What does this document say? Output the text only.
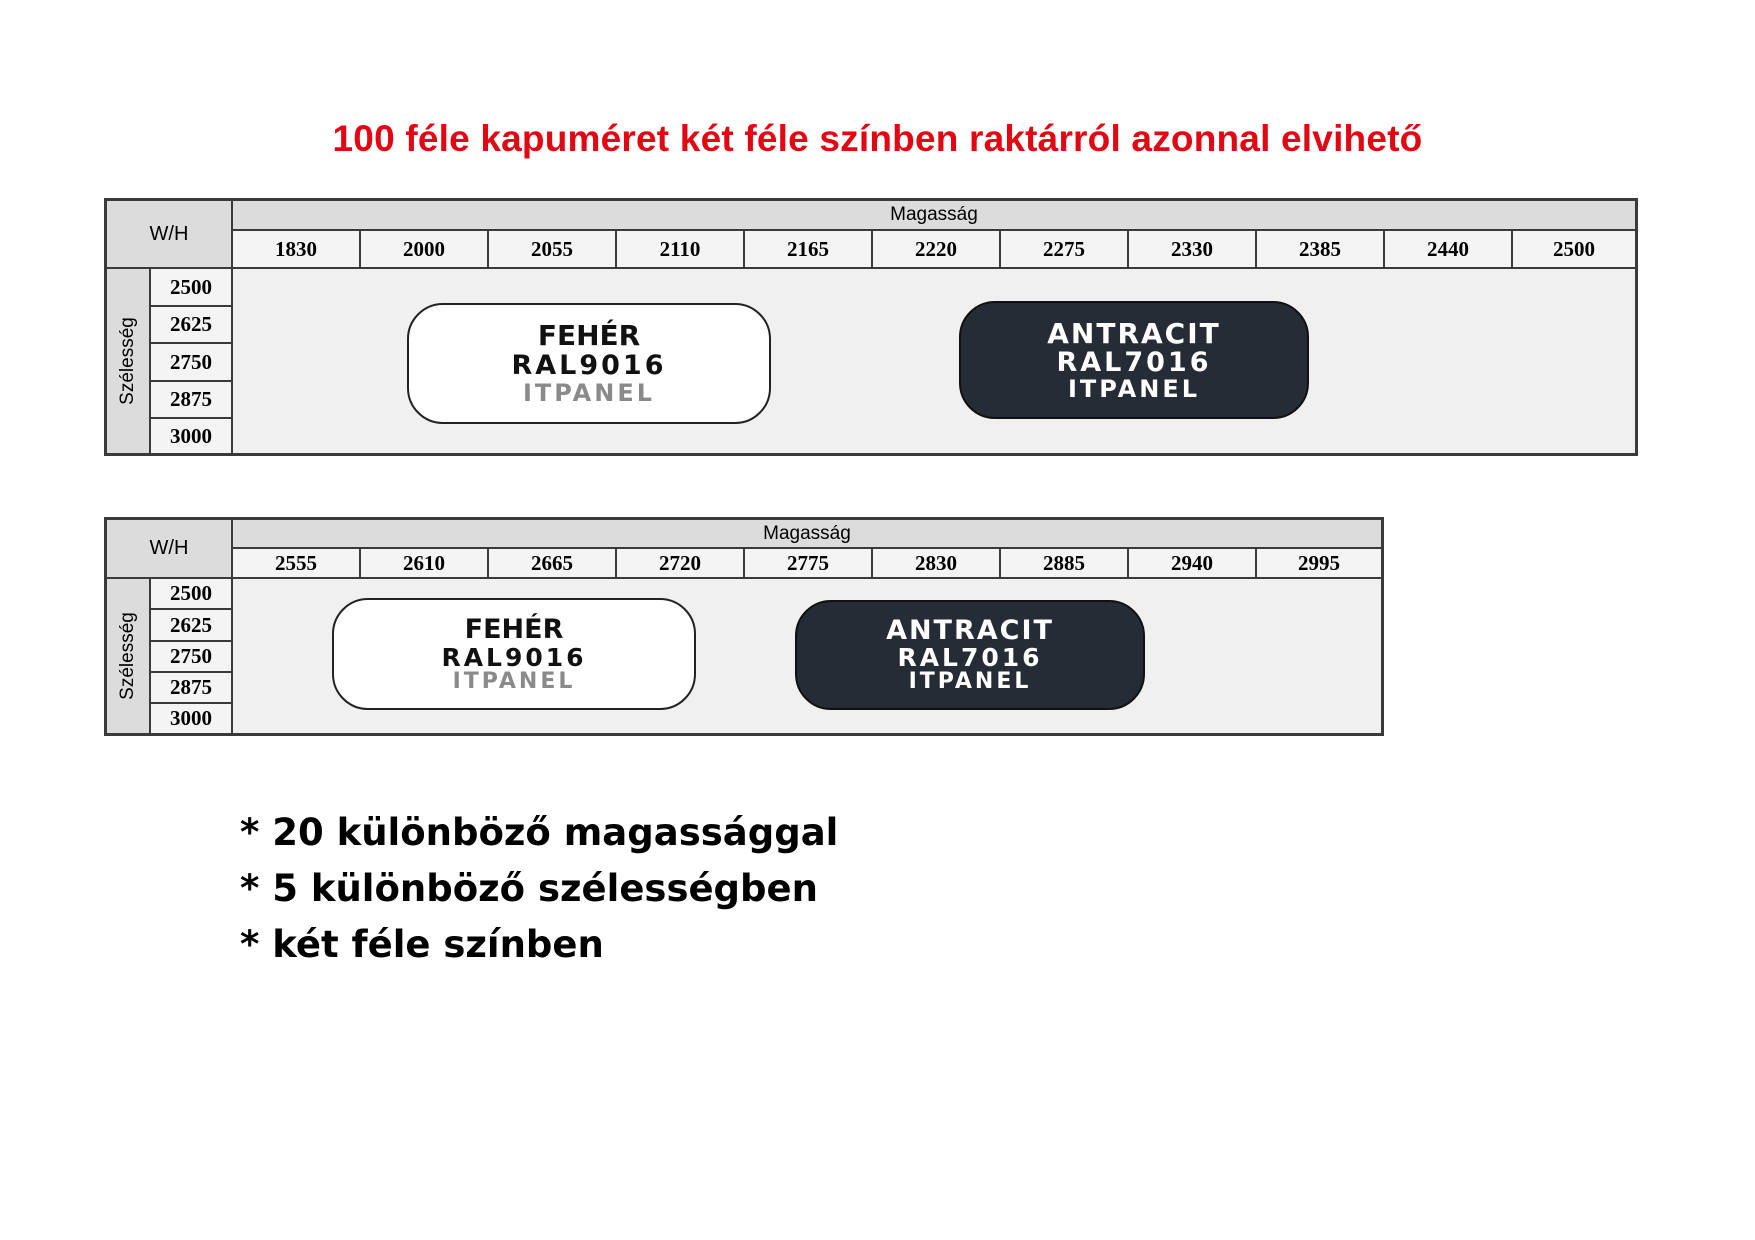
100 féle kapuméret két féle színben raktárról azonnal elvihető
W/H
Magasság
1830	2000	2055	2110	2165	2220	2275	2330	2385	2440	2500
Szélesség
2500
2625
2750
2875
3000
FEHÉR
RAL9016
ITPANEL
ANTRACIT
RAL7016
ITPANEL
W/H
Magasság
2555	2610	2665	2720	2775	2830	2885	2940	2995
Szélesség
2500
2625
2750
2875
3000
FEHÉR
RAL9016
ITPANEL
ANTRACIT
RAL7016
ITPANEL
* 20 különböző magassággal
* 5 különböző szélességben
* két féle színben
